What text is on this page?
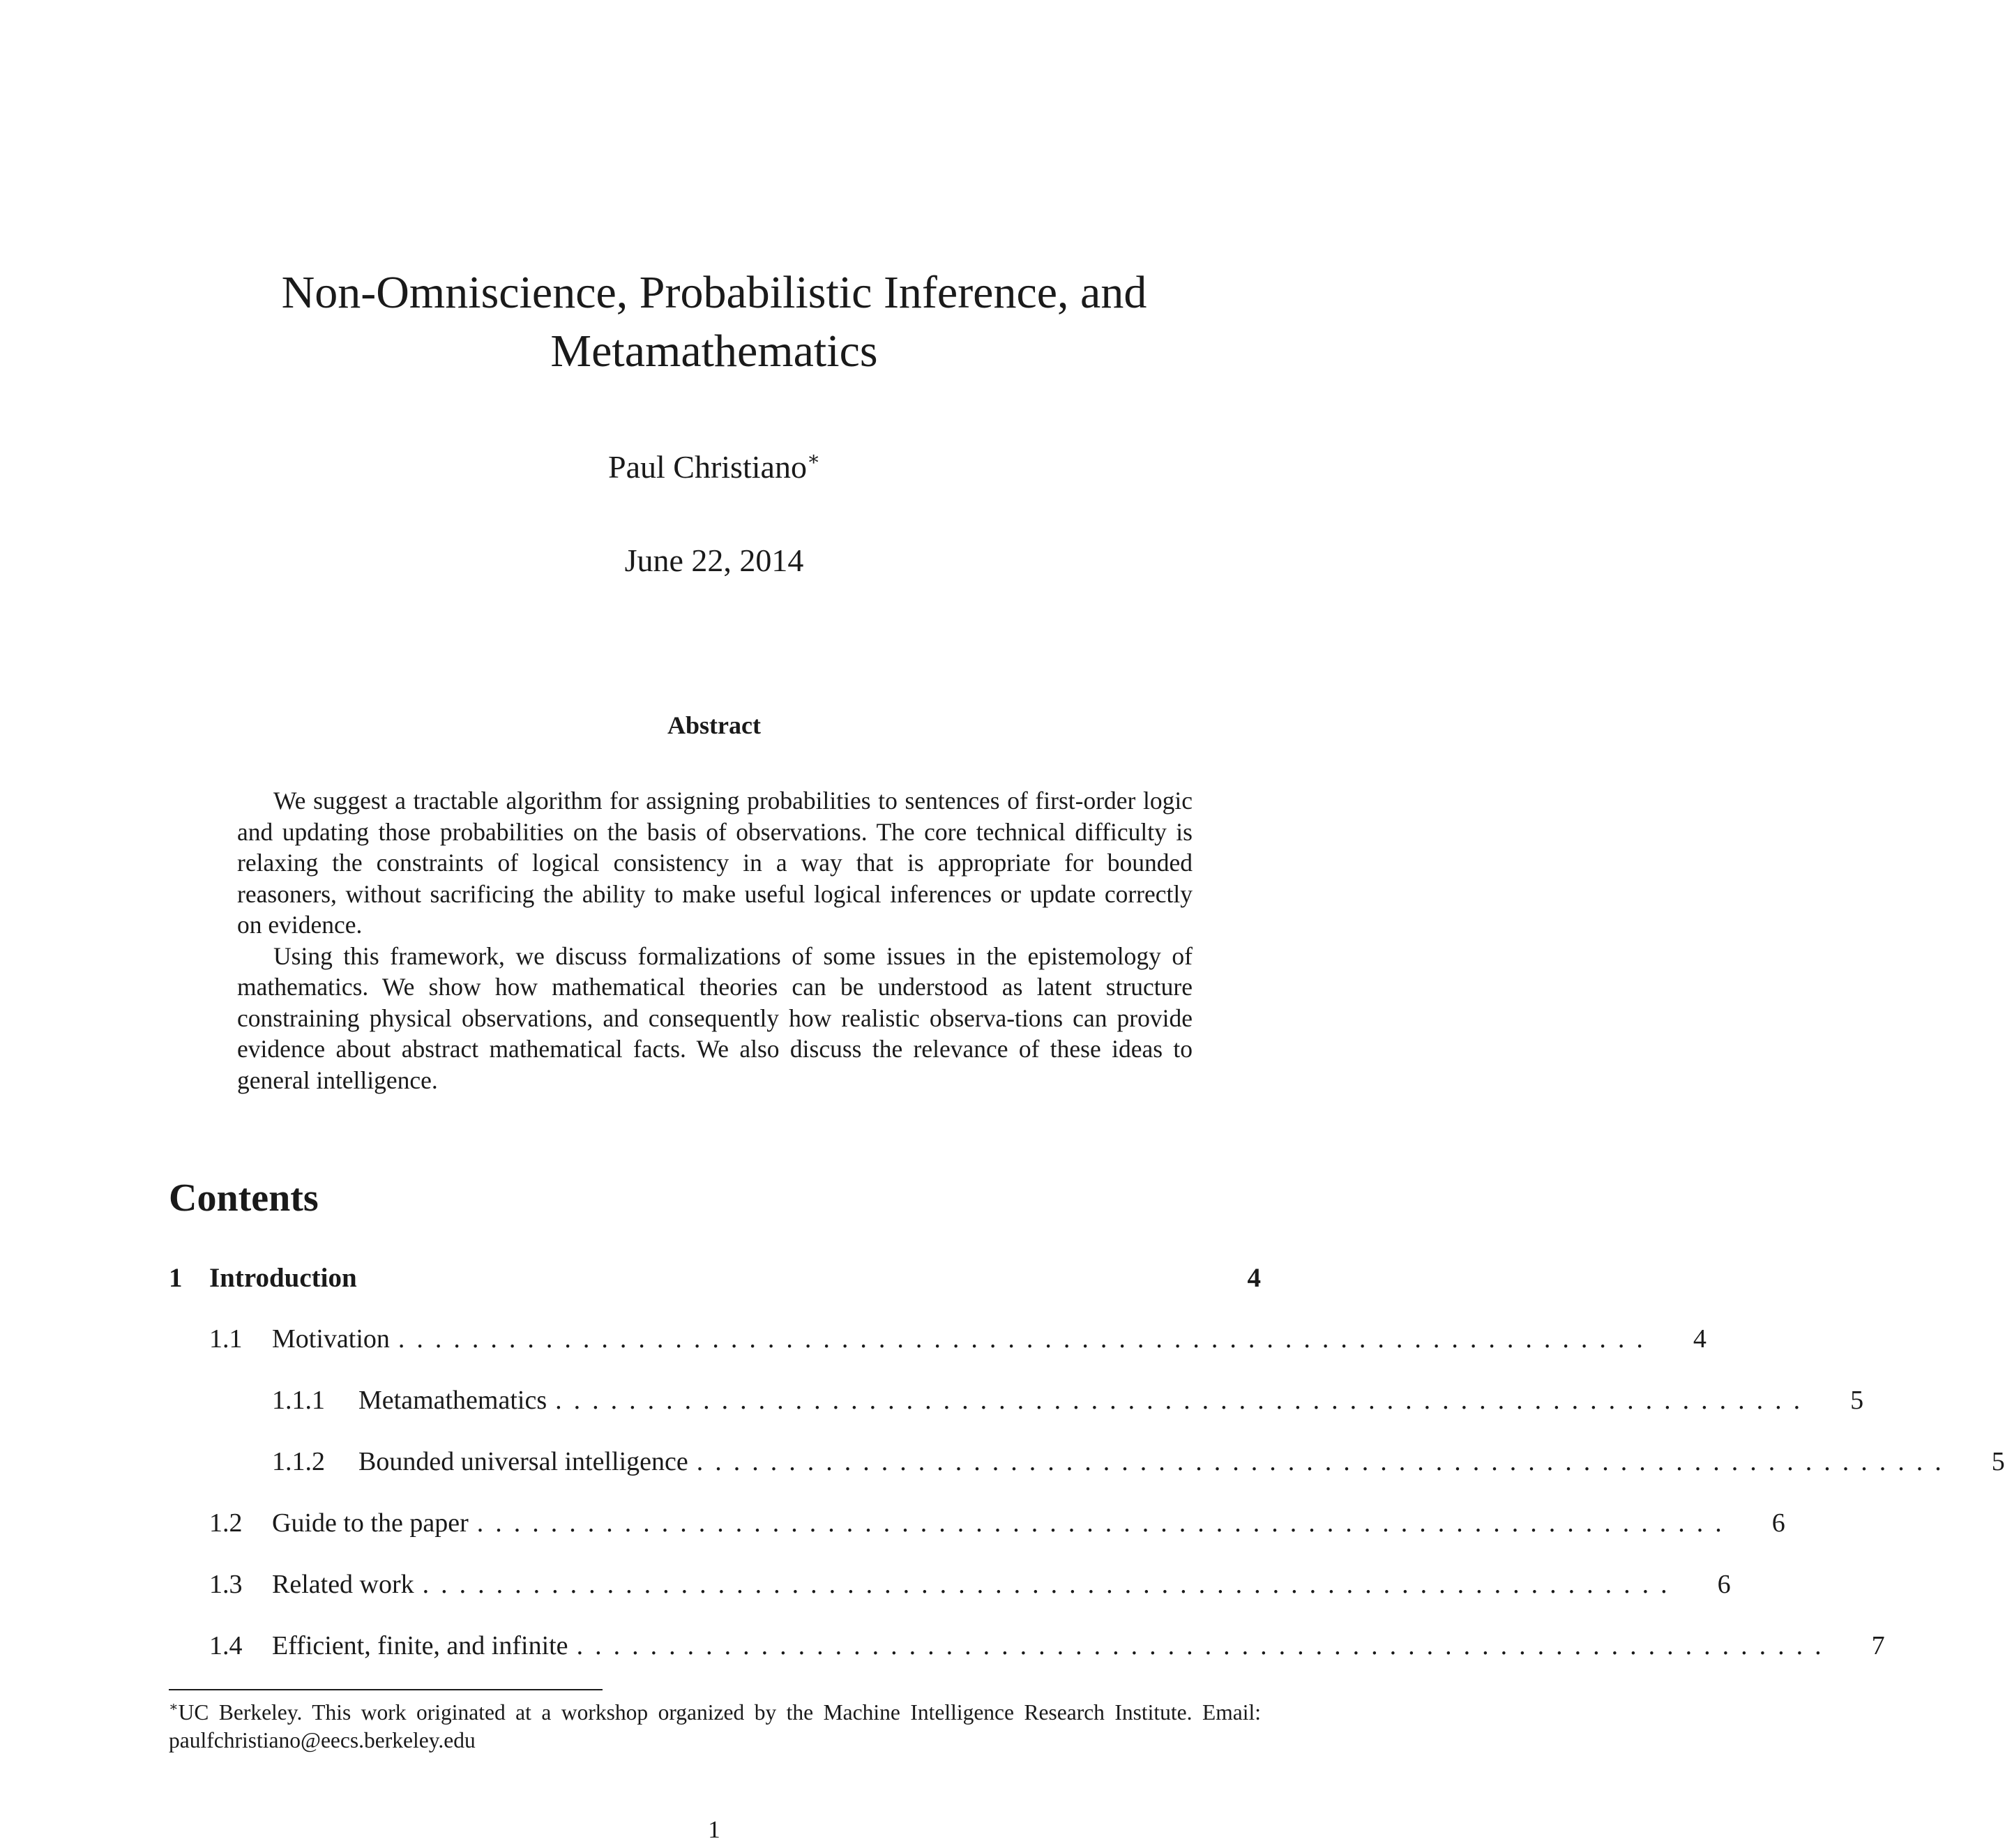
Non-Omniscience, Probabilistic Inference, and
Metamathematics
Paul Christiano∗
June 22, 2014
Abstract

We suggest a tractable algorithm for assigning probabilities to sentences of first-order logic and updating those probabilities on the basis of observations. The core technical difficulty is relaxing the constraints of logical consistency in a way that is appropriate for bounded reasoners, without sacrificing the ability to make useful logical inferences or update correctly on evidence.

Using this framework, we discuss formalizations of some issues in the epistemology of mathematics. We show how mathematical theories can be understood as latent structure constraining physical observations, and consequently how realistic observa-tions can provide evidence about abstract mathematical facts. We also discuss the relevance of these ideas to general intelligence.

Contents
1 Introduction	4
1.1	Motivation ....................................................................	4
1.1.1	Metamathematics ....................................................................	5
1.1.2	Bounded universal intelligence ....................................................................	5
1.2	Guide to the paper ....................................................................	6
1.3	Related work ....................................................................	6
1.4	Efficient, finite, and infinite ....................................................................	7
∗UC Berkeley. This work originated at a workshop organized by the Machine Intelligence Research Institute. Email: paulfchristiano@eecs.berkeley.edu
1
